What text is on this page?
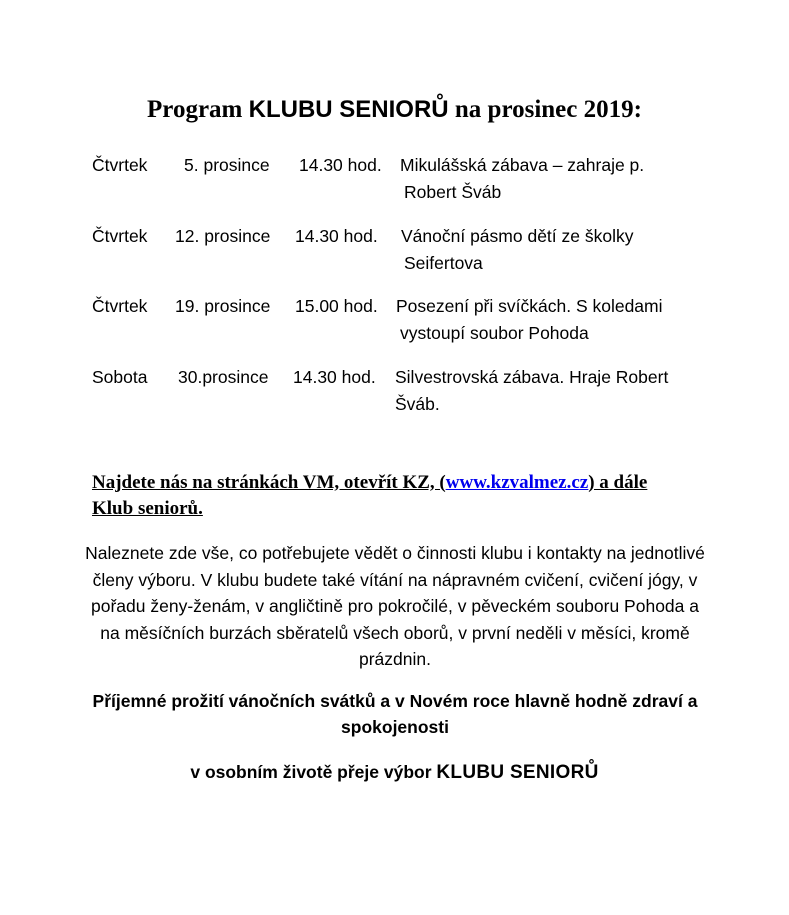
Program KLUBU SENIORŮ na prosinec 2019:
Čtvrtek 5. prosince 14.30 hod. Mikulášská zábava – zahraje p.
Robert Šváb
Čtvrtek 12. prosince 14.30 hod. Vánoční pásmo dětí ze školky
Seifertova
Čtvrtek 19. prosince 15.00 hod. Posezení při svíčkách. S koledami
vystoupí soubor Pohoda
Sobota 30.prosince 14.30 hod. Silvestrovská zábava. Hraje Robert
Šváb.
Najdete nás na stránkách VM, otevřít KZ, (www.kzvalmez.cz) a dále Klub seniorů.
Naleznete zde vše, co potřebujete vědět o činnosti klubu i kontakty na jednotlivé členy výboru. V klubu budete také vítání na nápravném cvičení, cvičení jógy, v pořadu ženy-ženám, v angličtině pro pokročilé, v pěveckém souboru Pohoda a na měsíčních burzách sběratelů všech oborů, v první neděli v měsíci, kromě prázdnin.
Příjemné prožití vánočních svátků a v Novém roce hlavně hodně zdraví a spokojenosti
v osobním životě přeje výbor KLUBU SENIORŮ
